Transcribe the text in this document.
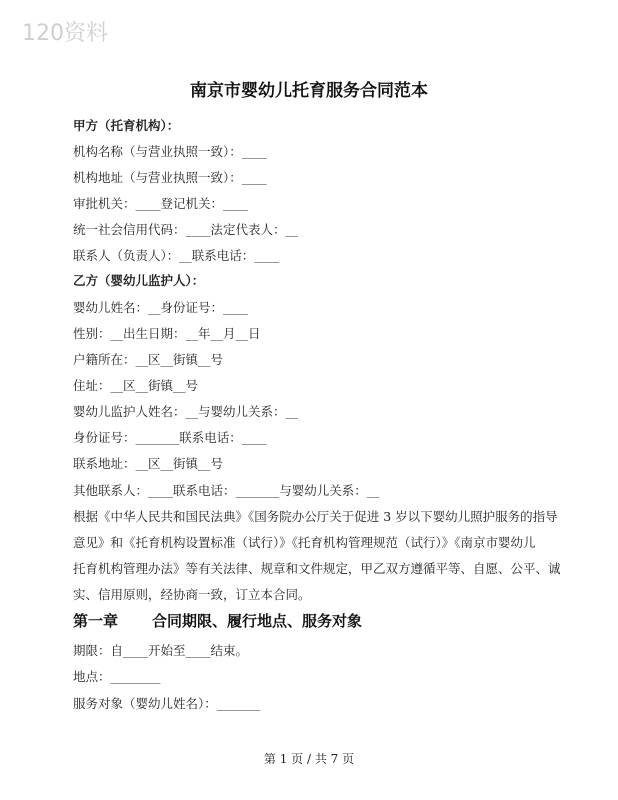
120资料
南京市婴幼儿托育服务合同范本
甲方（托育机构）：
机构名称（与营业执照一致）：____
机构地址（与营业执照一致）：____
审批机关：____登记机关：____
统一社会信用代码：____法定代表人：__
联系人（负责人）：__联系电话：____
乙方（婴幼儿监护人）：
婴幼儿姓名：__身份证号：____
性别：__出生日期：__年__月__日
户籍所在：__区__街镇__号
住址：__区__街镇__号
婴幼儿监护人姓名：__与婴幼儿关系：__
身份证号：_______联系电话：____
联系地址：__区__街镇__号
其他联系人：____联系电话：_______与婴幼儿关系：__
根据《中华人民共和国民法典》《国务院办公厅关于促进 3 岁以下婴幼儿照护服务的指导
意见》和《托育机构设置标准（试行）》《托育机构管理规范（试行）》《南京市婴幼儿
托育机构管理办法》等有关法律、规章和文件规定，甲乙双方遵循平等、自愿、公平、诚
实、信用原则，经协商一致，订立本合同。
第一章 合同期限、履行地点、服务对象
期限：自____开始至____结束。
地点：________
服务对象（婴幼儿姓名）：_______
第 1 页 / 共 7 页
